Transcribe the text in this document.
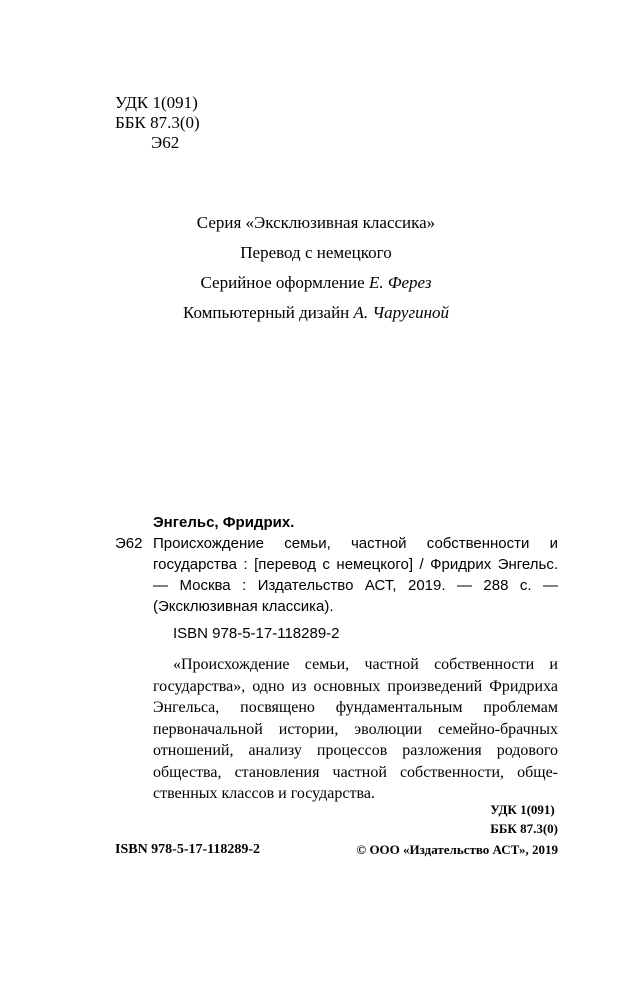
УДК 1(091)
ББК 87.3(0)
Э62
Серия «Эксклюзивная классика»
Перевод с немецкого
Серийное оформление Е. Ферез
Компьютерный дизайн А. Чаругиной
Энгельс, Фридрих.
Э62 Происхождение семьи, частной собственности и государства : [перевод с немецкого] / Фридрих Энгельс. — Москва : Издательство АСТ, 2019. — 288 с. — (Эксклюзивная классика).
ISBN 978-5-17-118289-2
«Происхождение семьи, частной собственности и государства», одно из основных произведений Фридриха Энгельса, посвящено фундаментальным проблемам первоначальной истории, эволюции семейно-брачных отношений, анализу процессов разложения родового общества, становления частной собственности, общественных классов и государства.
УДК 1(091)
ББК 87.3(0)
ISBN 978-5-17-118289-2	© ООО «Издательство АСТ», 2019
